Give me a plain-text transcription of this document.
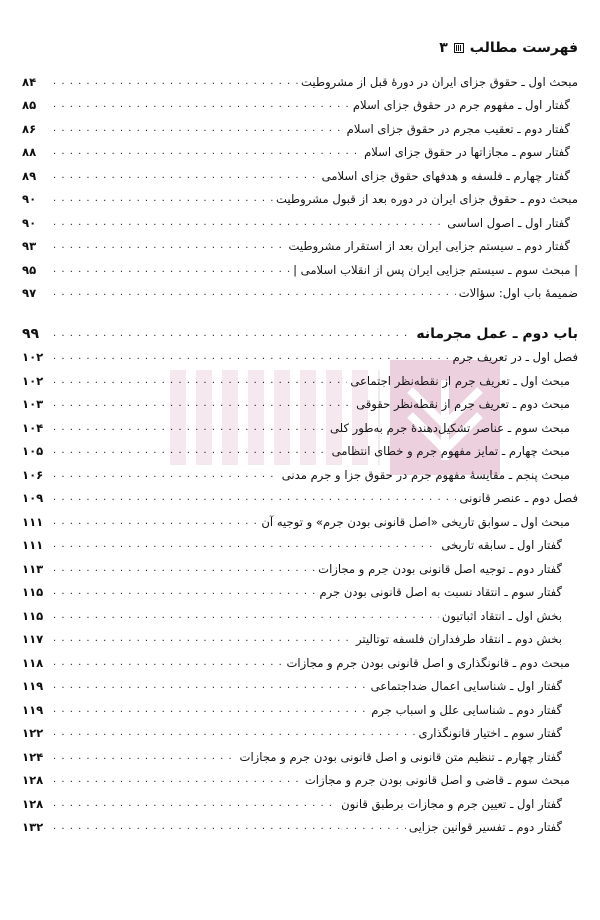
فهرست مطالب
۳
مبحث اول ـ حقوق جزای ایران در دورهٔ قبل از مشروطیت
. . .
۸۴
گفتار اول ـ مفهوم جرم در حقوق جزای اسلام
. . .
۸۵
گفتار دوم ـ تعقیب مجرم در حقوق جزای اسلام
. . .
۸۶
گفتار سوم ـ مجازاتها در حقوق جزای اسلام
. . .
۸۸
گفتار چهارم ـ فلسفه و هدفهای حقوق جزای اسلامی
. . .
۸۹
مبحث دوم ـ حقوق جزای ایران در دوره بعد از قبول مشروطیت
. . .
۹۰
گفتار اول ـ اصول اساسی
. . .
۹۰
گفتار دوم ـ سیستم جزایی ایران بعد از استقرار مشروطیت
. . .
۹۳
| مبحث سوم ـ سیستم جزایی ایران پس از انقلاب اسلامی |
. . .
۹۵
ضمیمهٔ باب اول: سؤالات
. . .
۹۷
باب دوم ـ عمل مجرمانه
. . .
۹۹
فصل اول ـ در تعریف جرم
. . .
۱۰۲
مبحث اول ـ تعریف جرم از نقطه‌نظر اجتماعی
. . .
۱۰۲
مبحث دوم ـ تعریف جرم از نقطه‌نظر حقوقی
. . .
۱۰۳
مبحث سوم ـ عناصر تشکیل‌دهندهٔ جرم به‌طور کلی
. . .
۱۰۴
مبحث چهارم ـ تمایز مفهوم جرم و خطای انتظامی
. . .
۱۰۵
مبحث پنجم ـ مقایسهٔ مفهوم جرم در حقوق جزا و جرم مدنی
. . .
۱۰۶
فصل دوم ـ عنصر قانونی
. . .
۱۰۹
مبحث اول ـ سوابق تاریخی «اصل قانونی بودن جرم» و توجیه آن
. . .
۱۱۱
گفتار اول ـ سابقه تاریخی
. . .
۱۱۱
گفتار دوم ـ توجیه اصل قانونی بودن جرم و مجازات
. . .
۱۱۳
گفتار سوم ـ انتقاد نسبت به اصل قانونی بودن جرم
. . .
۱۱۵
بخش اول ـ انتقاد اثباتیون
. . .
۱۱۵
بخش دوم ـ انتقاد طرفداران فلسفه توتالیتر
. . .
۱۱۷
مبحث دوم ـ قانونگذاری و اصل قانونی بودن جرم و مجازات
. . .
۱۱۸
گفتار اول ـ شناسایی اعمال ضداجتماعی
. . .
۱۱۹
گفتار دوم ـ شناسایی علل و اسباب جرم
. . .
۱۱۹
گفتار سوم ـ اختیار قانونگذاری
. . .
۱۲۲
گفتار چهارم ـ تنظیم متن قانونی و اصل قانونی بودن جرم و مجازات
. . .
۱۲۴
مبحث سوم ـ قاضی و اصل قانونی بودن جرم و مجازات
. . .
۱۲۸
گفتار اول ـ تعیین جرم و مجازات برطبق قانون
. . .
۱۲۸
گفتار دوم ـ تفسیر قوانین جزایی
. . .
۱۳۲
